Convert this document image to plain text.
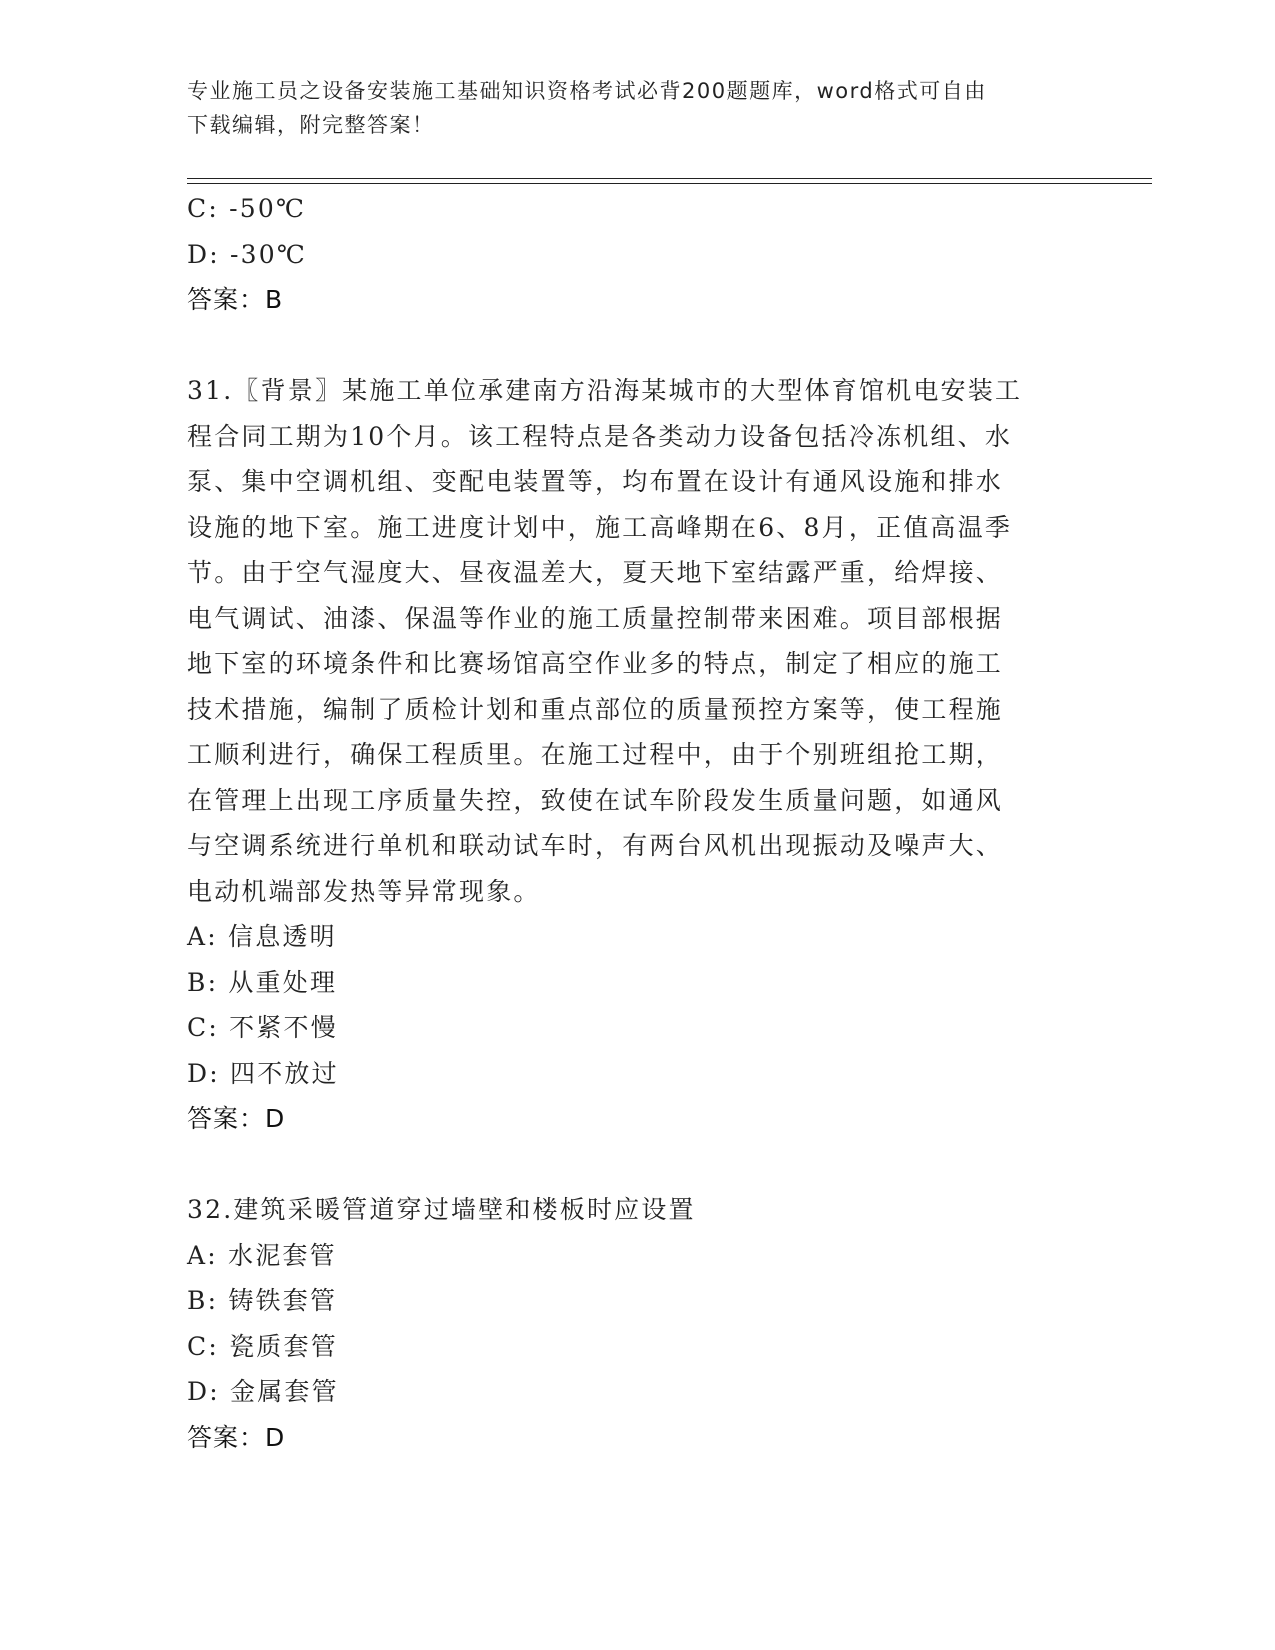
专业施工员之设备安装施工基础知识资格考试必背200题题库，word格式可自由
下载编辑，附完整答案！
C: -50℃
D: -30℃
答案：B
31.〖背景〗某施工单位承建南方沿海某城市的大型体育馆机电安装工
程合同工期为10个月。该工程特点是各类动力设备包括冷冻机组、水
泵、集中空调机组、变配电装置等，均布置在设计有通风设施和排水
设施的地下室。施工进度计划中，施工高峰期在6、8月，正值高温季
节。由于空气湿度大、昼夜温差大，夏天地下室结露严重，给焊接、
电气调试、油漆、保温等作业的施工质量控制带来困难。项目部根据
地下室的环境条件和比赛场馆高空作业多的特点，制定了相应的施工
技术措施，编制了质检计划和重点部位的质量预控方案等，使工程施
工顺利进行，确保工程质里。在施工过程中，由于个别班组抢工期，
在管理上出现工序质量失控，致使在试车阶段发生质量问题，如通风
与空调系统进行单机和联动试车时，有两台风机出现振动及噪声大、
电动机端部发热等异常现象。
A: 信息透明
B: 从重处理
C: 不紧不慢
D: 四不放过
答案：D
32.建筑采暖管道穿过墙壁和楼板时应设置
A: 水泥套管
B: 铸铁套管
C: 瓷质套管
D: 金属套管
答案：D
